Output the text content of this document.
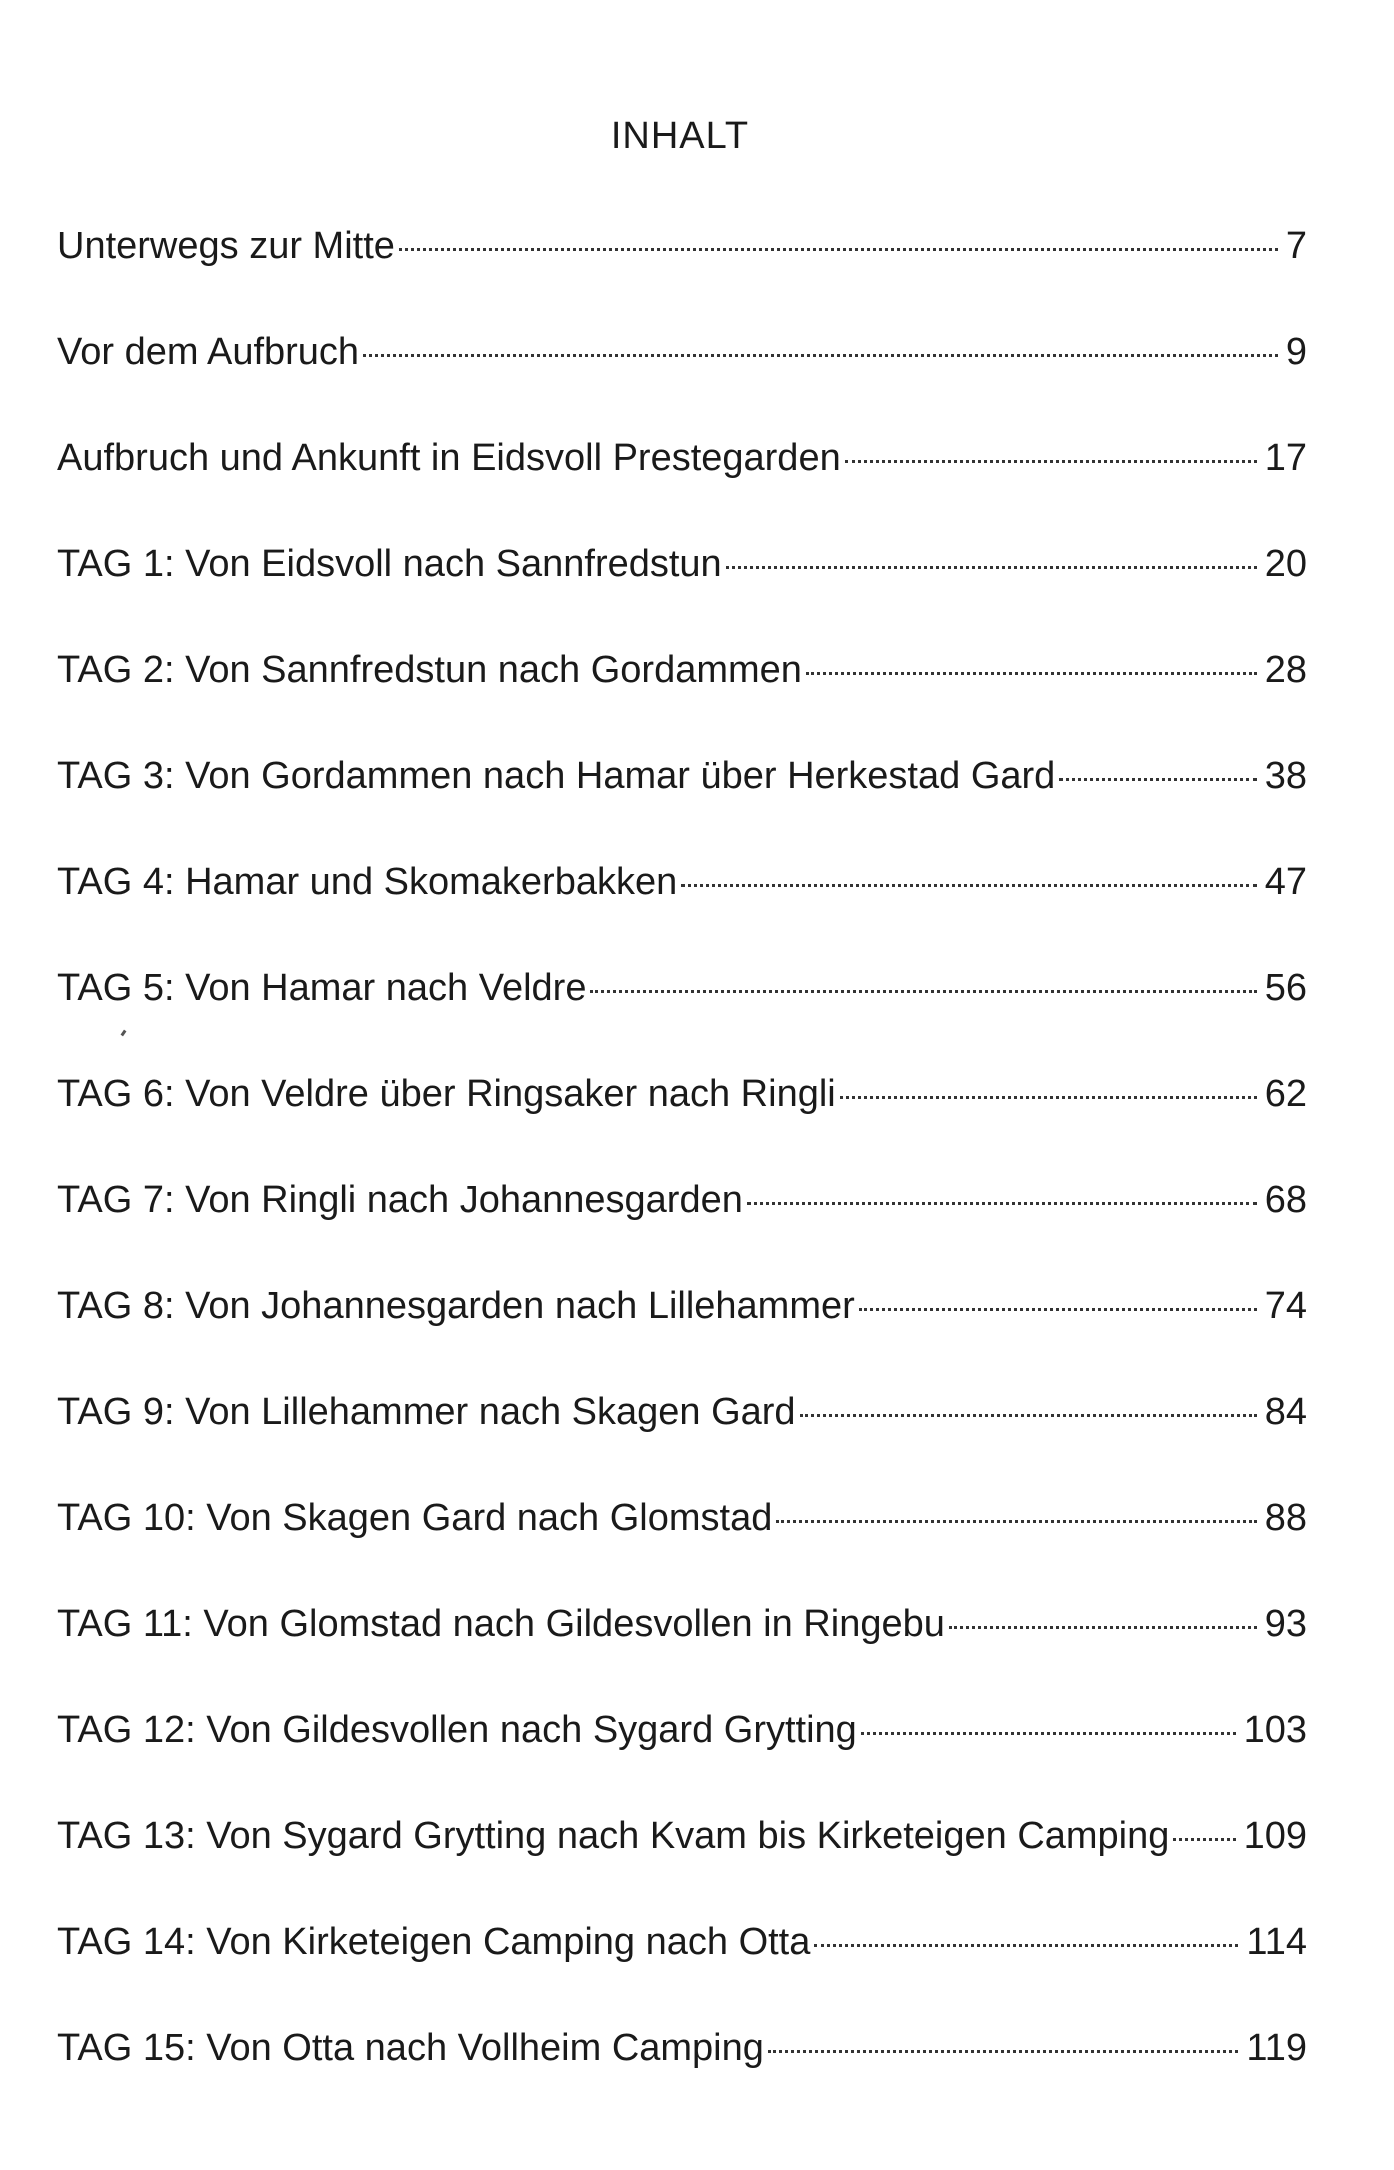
INHALT
Unterwegs zur Mitte	7
Vor dem Aufbruch	9
Aufbruch und Ankunft in Eidsvoll Prestegarden	17
TAG 1: Von Eidsvoll nach Sannfredstun	20
TAG 2: Von Sannfredstun nach Gordammen	28
TAG 3: Von Gordammen nach Hamar über Herkestad Gard	38
TAG 4: Hamar und Skomakerbakken	47
TAG 5: Von Hamar nach Veldre	56
TAG 6: Von Veldre über Ringsaker nach Ringli	62
TAG 7: Von Ringli nach Johannesgarden	68
TAG 8: Von Johannesgarden nach Lillehammer	74
TAG 9: Von Lillehammer nach Skagen Gard	84
TAG 10: Von Skagen Gard nach Glomstad	88
TAG 11: Von Glomstad nach Gildesvollen in Ringebu	93
TAG 12: Von Gildesvollen nach Sygard Grytting	103
TAG 13: Von Sygard Grytting nach Kvam bis Kirketeigen Camping 109
TAG 14: Von Kirketeigen Camping nach Otta	114
TAG 15: Von Otta nach Vollheim Camping	119
